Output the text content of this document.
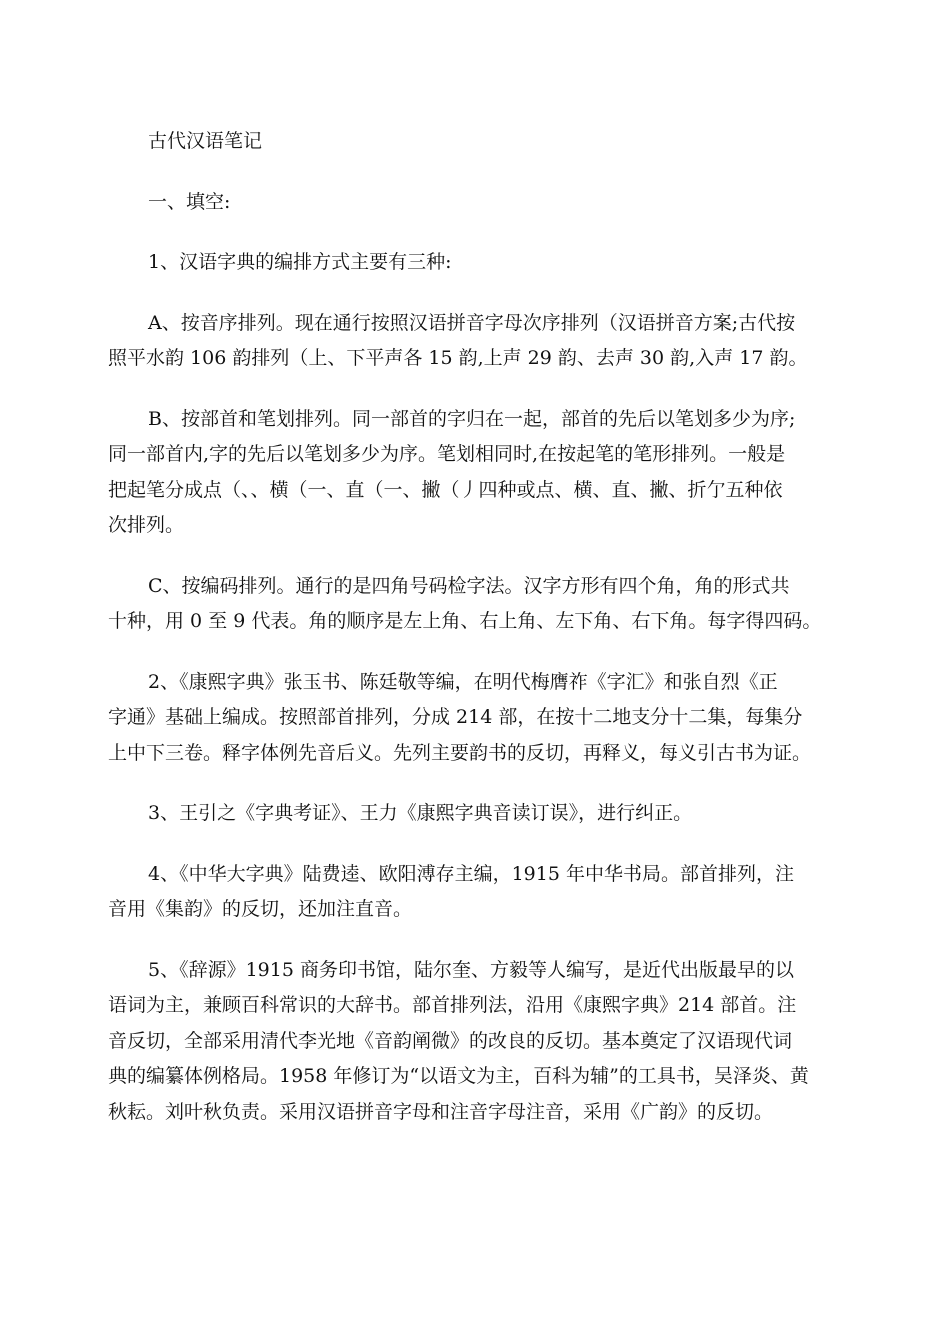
古代汉语笔记
一、填空:
1、汉语字典的编排方式主要有三种:
A、按音序排列。现在通行按照汉语拼音字母次序排列（汉语拼音方案;古代按
照平水韵 106 韵排列（上、下平声各 15 韵,上声 29 韵、去声 30 韵,入声 17 韵。
B、按部首和笔划排列。同一部首的字归在一起，部首的先后以笔划多少为序;
同一部首内,字的先后以笔划多少为序。笔划相同时,在按起笔的笔形排列。一般是
把起笔分成点（、、横（一、直（一、撇（丿四种或点、横、直、撇、折亇五种依
次排列。
C、按编码排列。通行的是四角号码检字法。汉字方形有四个角，角的形式共
十种，用 0 至 9 代表。角的顺序是左上角、右上角、左下角、右下角。每字得四码。
2、《康熙字典》张玉书、陈廷敬等编，在明代梅膺祚《字汇》和张自烈《正
字通》基础上编成。按照部首排列，分成 214 部，在按十二地支分十二集，每集分
上中下三卷。释字体例先音后义。先列主要韵书的反切，再释义，每义引古书为证。
3、王引之《字典考证》、王力《康熙字典音读订误》，进行纠正。
4、《中华大字典》陆费逵、欧阳溥存主编，1915 年中华书局。部首排列，注
音用《集韵》的反切，还加注直音。
5、《辞源》1915 商务印书馆，陆尔奎、方毅等人编写，是近代出版最早的以
语词为主，兼顾百科常识的大辞书。部首排列法，沿用《康熙字典》214 部首。注
音反切，全部采用清代李光地《音韵阐微》的改良的反切。基本奠定了汉语现代词
典的编纂体例格局。1958 年修订为“以语文为主，百科为辅”的工具书，吴泽炎、黄
秋耘。刘叶秋负责。采用汉语拼音字母和注音字母注音，采用《广韵》的反切。
